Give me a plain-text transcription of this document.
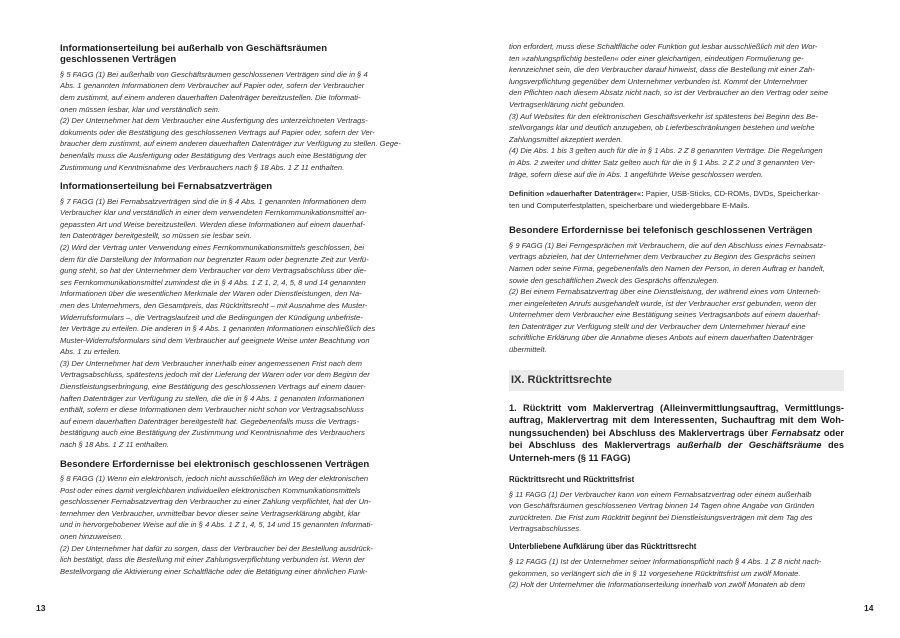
Informationserteilung bei außerhalb von Geschäftsräumen
geschlossenen Verträgen
§ 5 FAGG (1) Bei außerhalb von Geschäftsräumen geschlossenen Verträgen sind die in § 4
Abs. 1 genannten Informationen dem Verbraucher auf Papier oder, sofern der Verbraucher
dem zustimmt, auf einem anderen dauerhaften Datenträger bereitzustellen. Die Informati-
onen müssen lesbar, klar und verständlich sein.
(2) Der Unternehmer hat dem Verbraucher eine Ausfertigung des unterzeichneten Vertrags-
dokuments oder die Bestätigung des geschlossenen Vertrags auf Papier oder, sofern der Ver-
braucher dem zustimmt, auf einem anderen dauerhaften Datenträger zur Verfügung zu stellen. Gege-
benenfalls muss die Ausfertigung oder Bestätigung des Vertrags auch eine Bestätigung der
Zustimmung und Kenntnisnahme des Verbrauchers nach § 18 Abs. 1 Z 11 enthalten.
Informationserteilung bei Fernabsatzverträgen
§ 7 FAGG (1) Bei Fernabsatzverträgen sind die in § 4 Abs. 1 genannten Informationen dem
Verbraucher klar und verständlich in einer dem verwendeten Fernkommunikationsmittel an-
gepassten Art und Weise bereitzustellen. Werden diese Informationen auf einem dauerhaf-
ten Datenträger bereitgestellt, so müssen sie lesbar sein.
(2) Wird der Vertrag unter Verwendung eines Fernkommunikationsmittels geschlossen, bei
dem für die Darstellung der Information nur begrenzter Raum oder begrenzte Zeit zur Verfü-
gung steht, so hat der Unternehmer dem Verbraucher vor dem Vertragsabschluss über die-
ses Fernkommunikationsmittel zumindest die in § 4 Abs. 1 Z 1, 2, 4, 5, 8 und 14 genannten
Informationen über die wesentlichen Merkmale der Waren oder Dienstleistungen, den Na-
men des Unternehmers, den Gesamtpreis, das Rücktrittsrecht – mit Ausnahme des Muster-
Widerrufsformulars –, die Vertragslaufzeit und die Bedingungen der Kündigung unbefriste-
ter Verträge zu erteilen. Die anderen in § 4 Abs. 1 genannten Informationen einschließlich des
Muster-Widerrufsformulars sind dem Verbraucher auf geeignete Weise unter Beachtung von
Abs. 1 zu erteilen.
(3) Der Unternehmer hat dem Verbraucher innerhalb einer angemessenen Frist nach dem
Vertragsabschluss, spätestens jedoch mit der Lieferung der Waren oder vor dem Beginn der
Dienstleistungserbringung, eine Bestätigung des geschlossenen Vertrags auf einem dauer-
haften Datenträger zur Verfügung zu stellen, die die in § 4 Abs. 1 genannten Informationen
enthält, sofern er diese Informationen dem Verbraucher nicht schon vor Vertragsabschluss
auf einem dauerhaften Datenträger bereitgestellt hat. Gegebenenfalls muss die Vertrags-
bestätigung auch eine Bestätigung der Zustimmung und Kenntnisnahme des Verbrauchers
nach § 18 Abs. 1 Z 11 enthalten.
Besondere Erfordernisse bei elektronisch geschlossenen Verträgen
§ 8 FAGG (1) Wenn ein elektronisch, jedoch nicht ausschließlich im Weg der elektronischen
Post oder eines damit vergleichbaren individuellen elektronischen Kommunikationsmittels
geschlossener Fernabsatzvertrag den Verbraucher zu einer Zahlung verpflichtet, hat der Un-
ternehmer den Verbraucher, unmittelbar bevor dieser seine Vertragserklärung abgibt, klar
und in hervorgehobener Weise auf die in § 4 Abs. 1 Z 1, 4, 5, 14 und 15 genannten Informati-
onen hinzuweisen.
(2) Der Unternehmer hat dafür zu sorgen, dass der Verbraucher bei der Bestellung ausdrück-
lich bestätigt, dass die Bestellung mit einer Zahlungsverpflichtung verbunden ist. Wenn der
Bestellvorgang die Aktivierung einer Schaltfläche oder die Betätigung einer ähnlichen Funk-
tion erfordert, muss diese Schaltfläche oder Funktion gut lesbar ausschließlich mit den Wor-
ten »zahlungspflichtig bestellen« oder einer gleichartigen, eindeutigen Formulierung ge-
kennzeichnet sein, die den Verbraucher darauf hinweist, dass die Bestellung mit einer Zah-
lungsverpflichtung gegenüber dem Unternehmer verbunden ist. Kommt der Unternehmer
den Pflichten nach diesem Absatz nicht nach, so ist der Verbraucher an den Vertrag oder seine
Vertragserklärung nicht gebunden.
(3) Auf Websites für den elektronischen Geschäftsverkehr ist spätestens bei Beginn des Be-
stellvorgangs klar und deutlich anzugeben, ob Lieferbeschränkungen bestehen und welche
Zahlungsmittel akzeptiert werden.
(4) Die Abs. 1 bis 3 gelten auch für die in § 1 Abs. 2 Z 8 genannten Verträge. Die Regelungen
in Abs. 2 zweiter und dritter Satz gelten auch für die in § 1 Abs. 2 Z 2 und 3 genannten Ver-
träge, sofern diese auf die in Abs. 1 angeführte Weise geschlossen werden.
Definition »dauerhafter Datenträger«: Papier, USB-Sticks, CD-ROMs, DVDs, Speicherkar-
ten und Computerfestplatten, speicherbare und wiedergebbare E-Mails.
Besondere Erfordernisse bei telefonisch geschlossenen Verträgen
§ 9 FAGG (1) Bei Ferngesprächen mit Verbrauchern, die auf den Abschluss eines Fernabsatz-
vertrags abzielen, hat der Unternehmer dem Verbraucher zu Beginn des Gesprächs seinen
Namen oder seine Firma, gegebenenfalls den Namen der Person, in deren Auftrag er handelt,
sowie den geschäftlichen Zweck des Gesprächs offenzulegen.
(2) Bei einem Fernabsatzvertrag über eine Dienstleistung, der während eines vom Unterneh-
mer eingeleiteten Anrufs ausgehandelt wurde, ist der Verbraucher erst gebunden, wenn der
Unternehmer dem Verbraucher eine Bestätigung seines Vertragsanbots auf einem dauerhaf-
ten Datenträger zur Verfügung stellt und der Verbraucher dem Unternehmer hierauf eine
schriftliche Erklärung über die Annahme dieses Anbots auf einem dauerhaften Datenträger
übermittelt.
IX. Rücktrittsrechte
1. Rücktritt vom Maklervertrag (Alleinvermittlungsauftrag, Vermittlungs-auftrag, Maklervertrag mit dem Interessenten, Suchauftrag mit dem Woh-nungssuchenden) bei Abschluss des Maklervertrags über Fernabsatz oder bei Abschluss des Maklervertrags außerhalb der Geschäftsräume des Unterneh-mers (§ 11 FAGG)
Rücktrittsrecht und Rücktrittsfrist
§ 11 FAGG (1) Der Verbraucher kann von einem Fernabsatzvertrag oder einem außerhalb
von Geschäftsräumen geschlossenen Vertrag binnen 14 Tagen ohne Angabe von Gründen
zurücktreten. Die Frist zum Rücktritt beginnt bei Dienstleistungsverträgen mit dem Tag des
Vertragsabschlusses.
Unterbliebene Aufklärung über das Rücktrittsrecht
§ 12 FAGG (1) Ist der Unternehmer seiner Informationspflicht nach § 4 Abs. 1 Z 8 nicht nach-
gekommen, so verlängert sich die in § 11 vorgesehene Rücktrittsfrist um zwölf Monate.
(2) Holt der Unternehmer die Informationserteilung innerhalb von zwölf Monaten ab dem
13	14
